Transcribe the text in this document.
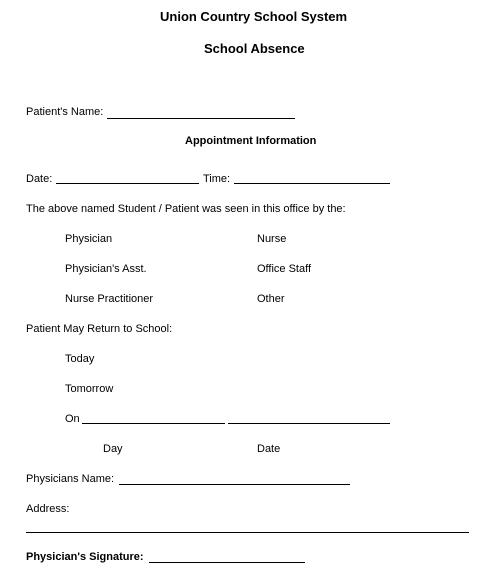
Union Country School System
School Absence
Patient's Name:
Appointment Information
Date:	Time:
The above named Student / Patient was seen in this office by the:
Physician	Nurse
Physician's Asst.	Office Staff
Nurse Practitioner	Other
Patient May Return to School:
Today
Tomorrow
On
Day	Date
Physicians Name:
Address:
Physician's Signature:
